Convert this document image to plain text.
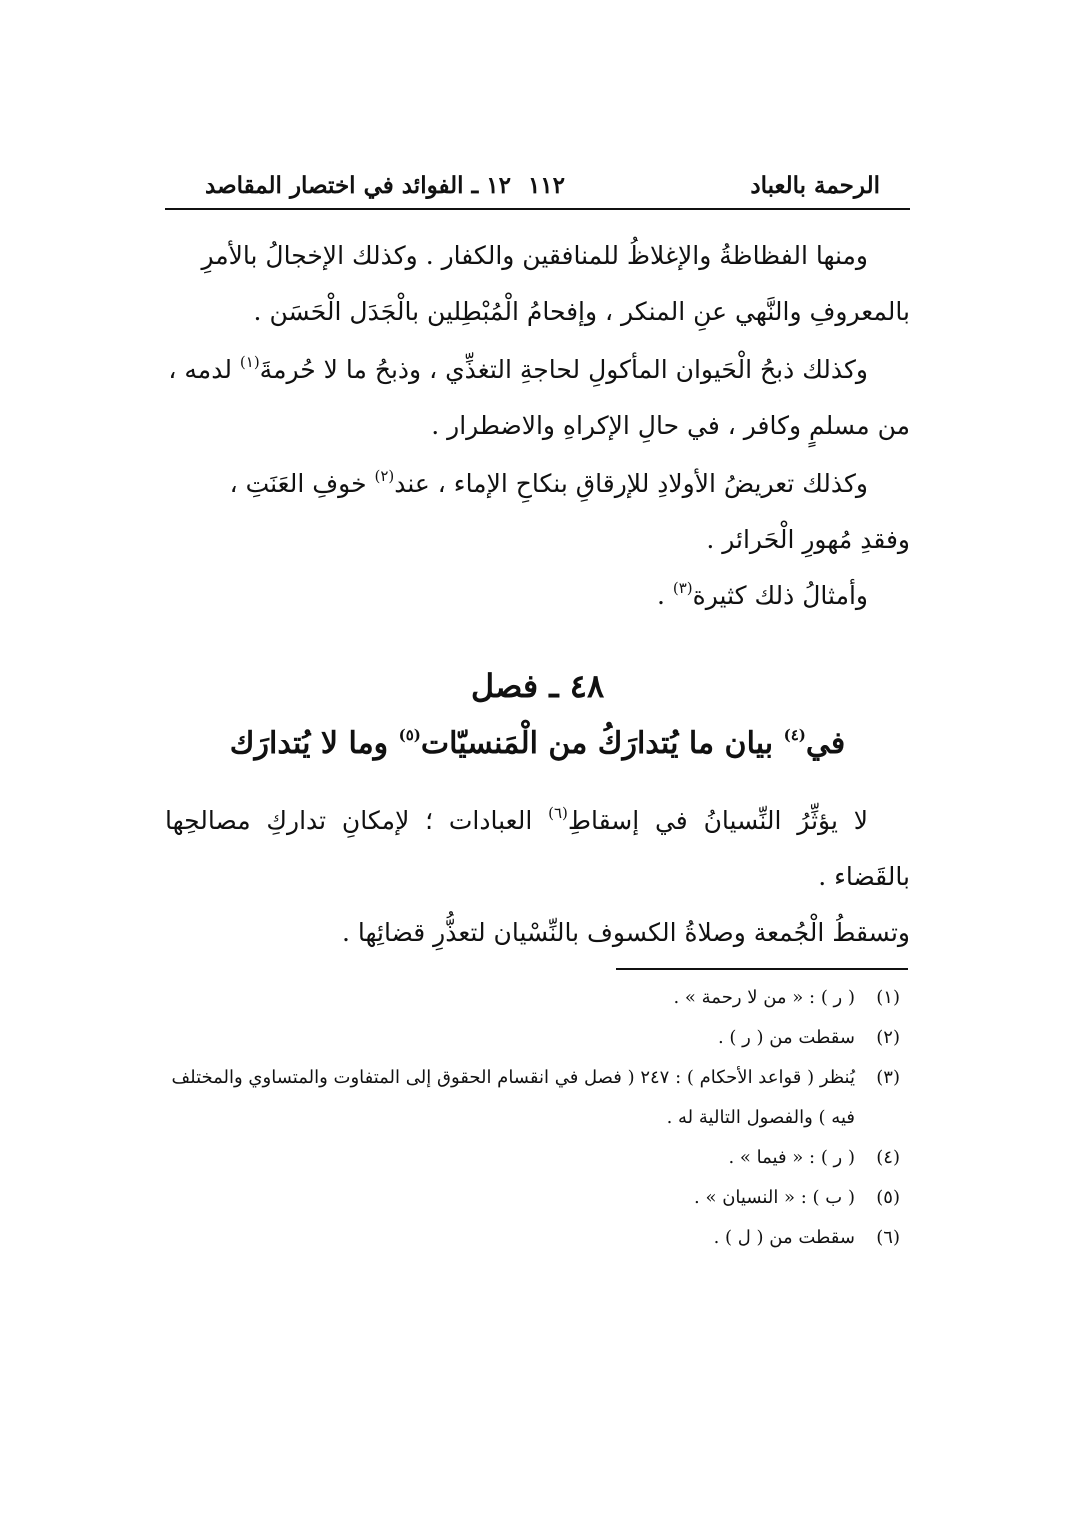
الرحمة بالعباد
١١٢
١٢ ـ الفوائد في اختصار المقاصد

ومنها الفظاظةُ والإغلاظُ للمنافقين والكفار . وكذلك الإخجالُ بالأمرِ

بالمعروفِ والنَّهي عنِ المنكر ، وإفحامُ الْمُبْطِلين بالْجَدَل الْحَسَن .

وكذلك ذبحُ الْحَيوان المأكولِ لحاجةِ التغذِّي ، وذبحُ ما لا حُرمةَ$^{(١)}$ لدمه ،

من مسلمٍ وكافر ، في حالِ الإكراهِ والاضطرار .

وكذلك تعريضُ الأولادِ للإرقاقِ بنكاحِ الإماء ، عند$^{(٢)}$ خوفِ العَنَتِ ،

وفقدِ مُهورِ الْحَرائر .

وأمثالُ ذلك كثيرة$^{(٣)}$ .
٤٨ ـ فصل
في$^{(٤)}$ بيان ما يُتدارَكُ من الْمَنسيّات$^{(٥)}$ وما لا يُتدارَك

لا يؤثِّرُ النِّسيانُ في إسقاطِ$^{(٦)}$ العبادات ؛ لإمكانِ تداركِ مصالحِها بالقَضاء .

وتسقطُ الْجُمعة وصلاةُ الكسوف بالنِّسْيان لتعذُّرِ قضائِها .

(١)
( ر ) : « من لا رحمة » .
(٢)
سقطت من ( ر ) .
(٣)
يُنظر ( قواعد الأحكام ) : ٢٤٧ ( فصل في انقسام الحقوق إلى المتفاوت والمتساوي والمختلف فيه ) والفصول التالية له .
(٤)
( ر ) : « فيما » .
(٥)
( ب ) : « النسيان » .
(٦)
سقطت من ( ل ) .
